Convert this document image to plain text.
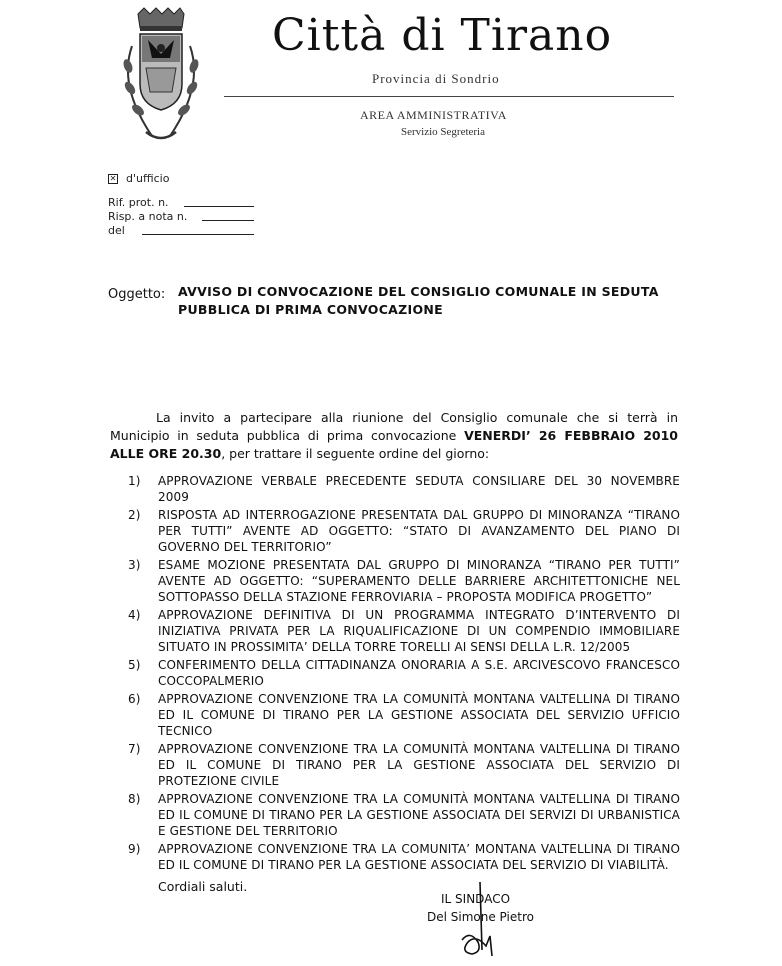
Città di Tirano
Provincia di Sondrio
AREA AMMINISTRATIVA
Servizio Segreteria
✕ d'ufficio
Rif. prot. n.
Risp. a nota n.
del
Oggetto: AVVISO DI CONVOCAZIONE DEL CONSIGLIO COMUNALE IN SEDUTA PUBBLICA DI PRIMA CONVOCAZIONE
La invito a partecipare alla riunione del Consiglio comunale che si terrà in Municipio in seduta pubblica di prima convocazione VENERDI’ 26 FEBBRAIO 2010 ALLE ORE 20.30, per trattare il seguente ordine del giorno:
1) APPROVAZIONE VERBALE PRECEDENTE SEDUTA CONSILIARE DEL 30 NOVEMBRE 2009
2) RISPOSTA AD INTERROGAZIONE PRESENTATA DAL GRUPPO DI MINORANZA “TIRANO PER TUTTI” AVENTE AD OGGETTO: “STATO DI AVANZAMENTO DEL PIANO DI GOVERNO DEL TERRITORIO”
3) ESAME MOZIONE PRESENTATA DAL GRUPPO DI MINORANZA “TIRANO PER TUTTI” AVENTE AD OGGETTO: “SUPERAMENTO DELLE BARRIERE ARCHITETTONICHE NEL SOTTOPASSO DELLA STAZIONE FERROVIARIA – PROPOSTA MODIFICA PROGETTO”
4) APPROVAZIONE DEFINITIVA DI UN PROGRAMMA INTEGRATO D’INTERVENTO DI INIZIATIVA PRIVATA PER LA RIQUALIFICAZIONE DI UN COMPENDIO IMMOBILIARE SITUATO IN PROSSIMITA’ DELLA TORRE TORELLI AI SENSI DELLA L.R. 12/2005
5) CONFERIMENTO DELLA CITTADINANZA ONORARIA A S.E. ARCIVESCOVO FRANCESCO COCCOPALMERIO
6) APPROVAZIONE CONVENZIONE TRA LA COMUNITÀ MONTANA VALTELLINA DI TIRANO ED IL COMUNE DI TIRANO PER LA GESTIONE ASSOCIATA DEL SERVIZIO UFFICIO TECNICO
7) APPROVAZIONE CONVENZIONE TRA LA COMUNITÀ MONTANA VALTELLINA DI TIRANO ED IL COMUNE DI TIRANO PER LA GESTIONE ASSOCIATA DEL SERVIZIO DI PROTEZIONE CIVILE
8) APPROVAZIONE CONVENZIONE TRA LA COMUNITÀ MONTANA VALTELLINA DI TIRANO ED IL COMUNE DI TIRANO PER LA GESTIONE ASSOCIATA DEI SERVIZI DI URBANISTICA E GESTIONE DEL TERRITORIO
9) APPROVAZIONE CONVENZIONE TRA LA COMUNITA’ MONTANA VALTELLINA DI TIRANO ED IL COMUNE DI TIRANO PER LA GESTIONE ASSOCIATA DEL SERVIZIO DI VIABILITÀ.
Cordiali saluti.
IL SINDACO
Del Simone Pietro
